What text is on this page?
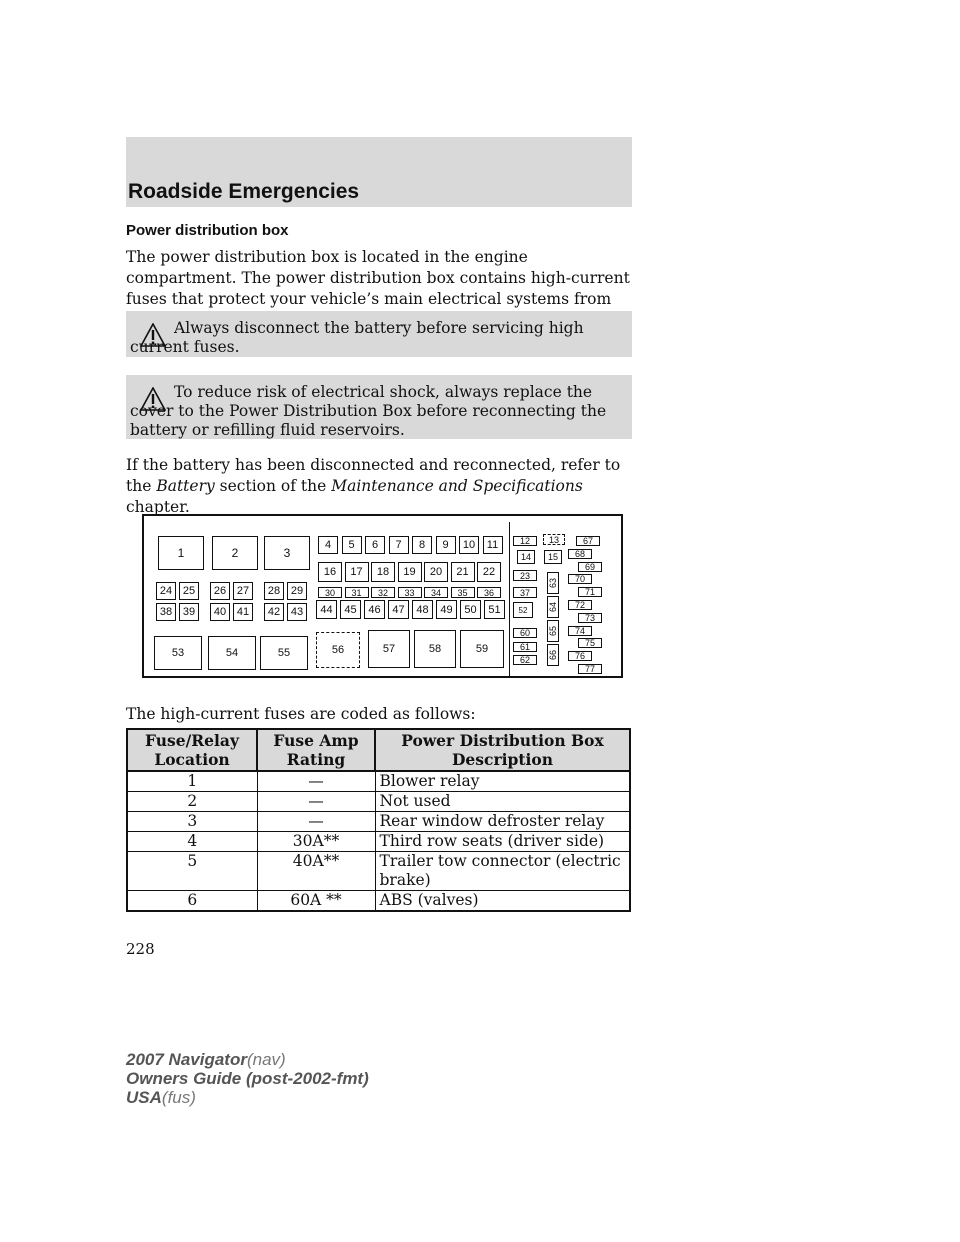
Roadside Emergencies
Power distribution box
The power distribution box is located in the engine compartment. The power distribution box contains high-current fuses that protect your vehicle’s main electrical systems from
Always disconnect the battery before servicing high current fuses.
To reduce risk of electrical shock, always replace the cover to the Power Distribution Box before reconnecting the battery or refilling fluid reservoirs.
If the battery has been disconnected and reconnected, refer to the Battery section of the Maintenance and Specifications chapter.
1	2	3
4 5 6 7 8 9 10 11
16 17 18 19 20 21 22
30 31 32 33 34 35 36
44 45 46 47 48 49 50 51
24 25 26 27 28 29
38 39 40 41 42 43
53	54	55	56	57	58	59
12
14
23
37
52
60
61
62
13
15
63
64
65
66
67
68
69
70
71
72
73
74
75
76
77
The high-current fuses are coded as follows:
Fuse/Relay Location	Fuse Amp Rating	Power Distribution Box Description
1	—	Blower relay
2	—	Not used
3	—	Rear window defroster relay
4	30A**	Third row seats (driver side)
5	40A**	Trailer tow connector (electric brake)
6	60A **	ABS (valves)
228
2007 Navigator(nav)
Owners Guide (post-2002-fmt)
USA(fus)
